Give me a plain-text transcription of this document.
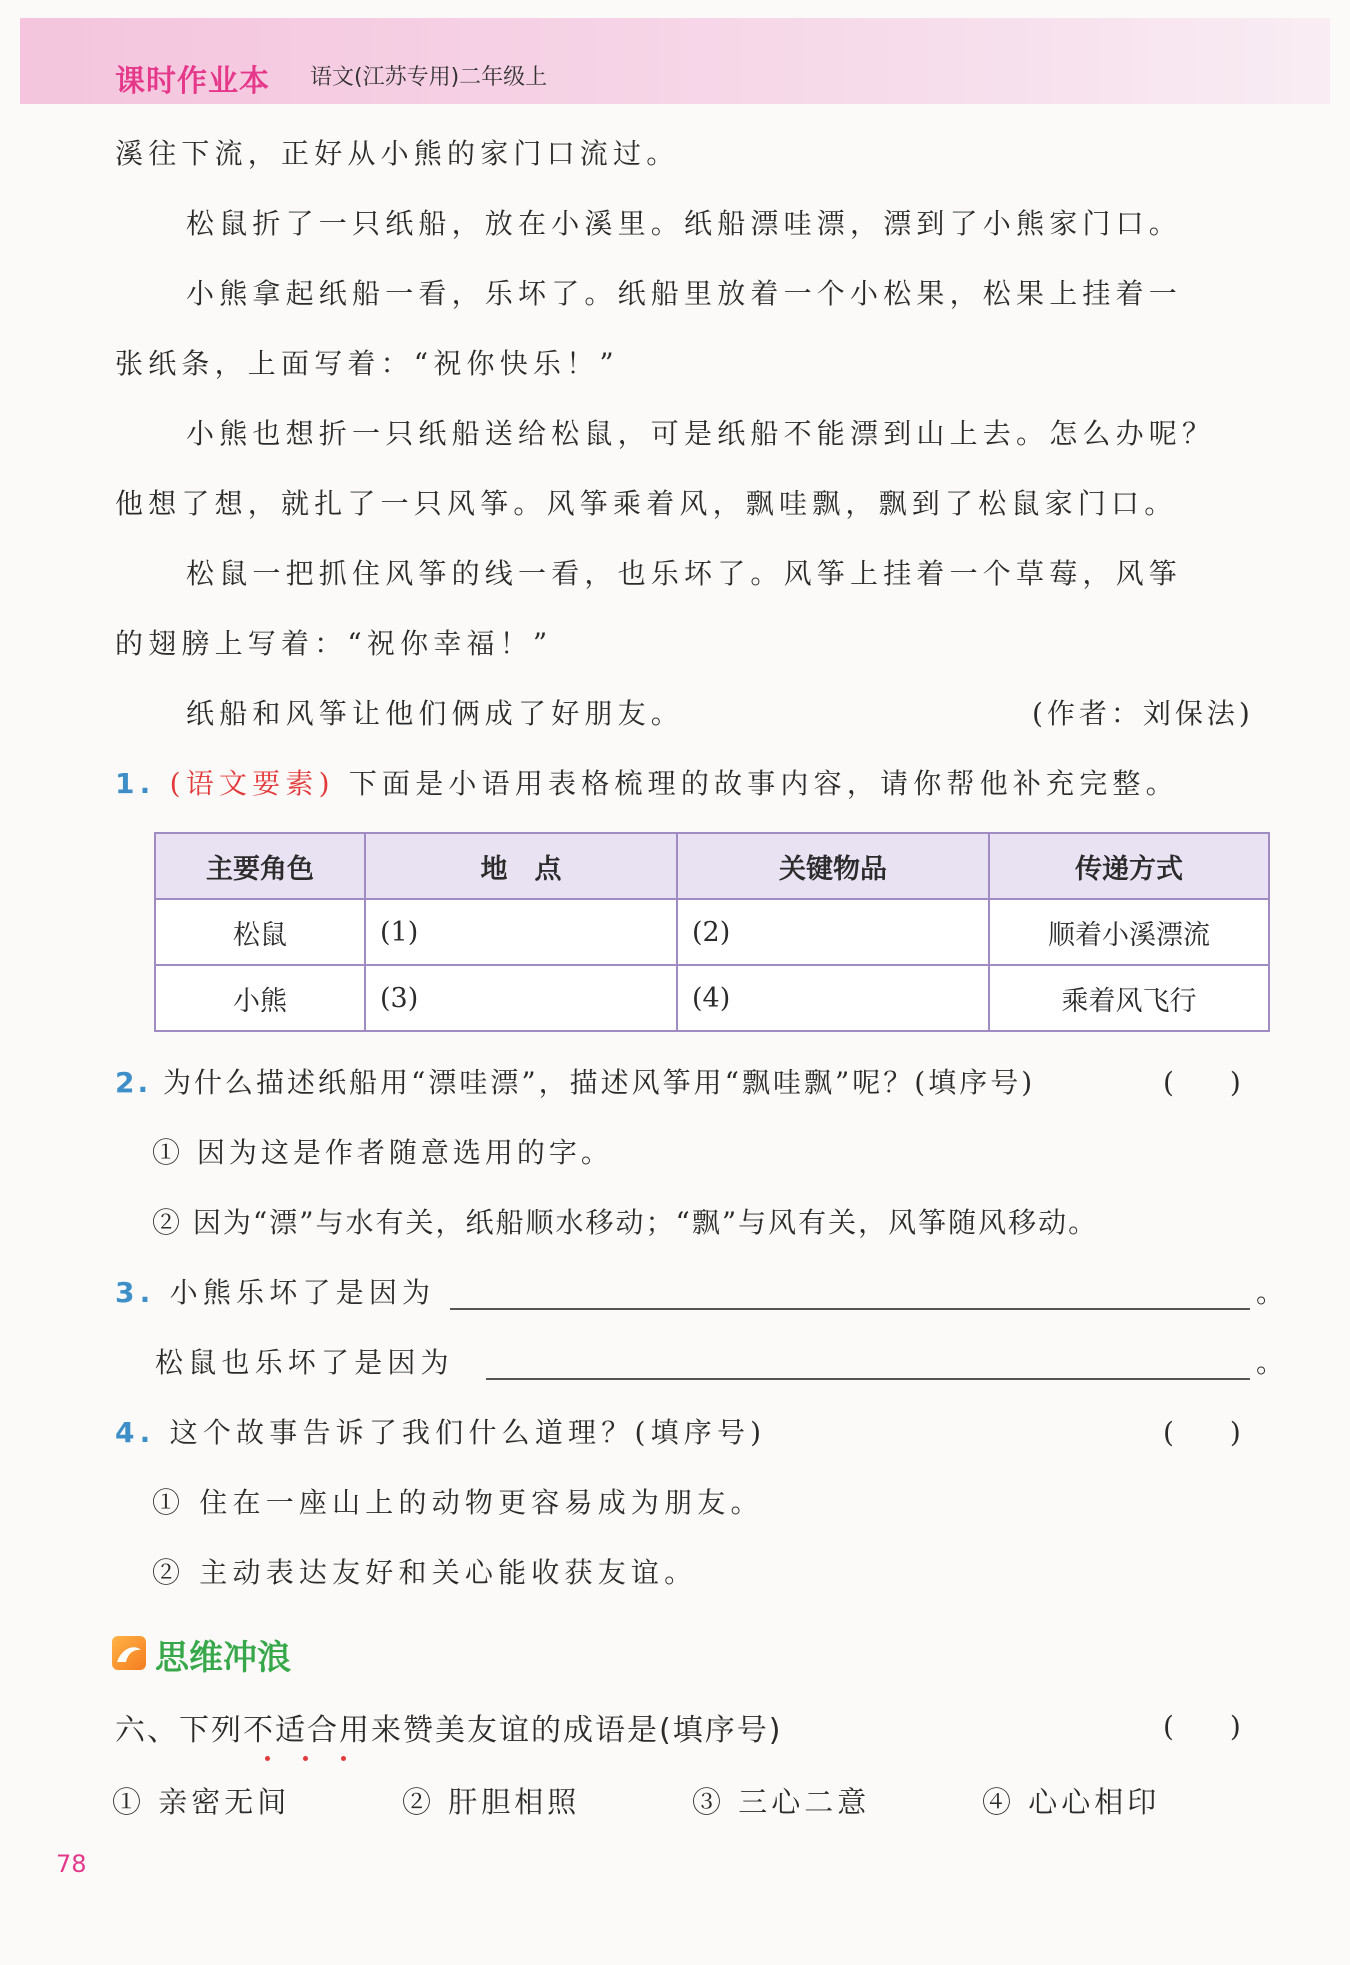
课时作业本 语文(江苏专用)二年级上
溪往下流，正好从小熊的家门口流过。
松鼠折了一只纸船，放在小溪里。纸船漂哇漂，漂到了小熊家门口。
小熊拿起纸船一看，乐坏了。纸船里放着一个小松果，松果上挂着一
张纸条，上面写着：“祝你快乐！”
小熊也想折一只纸船送给松鼠，可是纸船不能漂到山上去。怎么办呢？
他想了想，就扎了一只风筝。风筝乘着风，飘哇飘，飘到了松鼠家门口。
松鼠一把抓住风筝的线一看，也乐坏了。风筝上挂着一个草莓，风筝
的翅膀上写着：“祝你幸福！”
纸船和风筝让他们俩成了好朋友。	(作者：刘保法)
1. (语文要素) 下面是小语用表格梳理的故事内容，请你帮他补充完整。
主要角色	地　点	关键物品	传递方式
松鼠	(1)	(2)	顺着小溪漂流
小熊	(3)	(4)	乘着风飞行
2. 为什么描述纸船用“漂哇漂”，描述风筝用“飘哇飘”呢？(填序号)	(　　)
① 因为这是作者随意选用的字。
② 因为“漂”与水有关，纸船顺水移动；“飘”与风有关，风筝随风移动。
3. 小熊乐坏了是因为	。
松鼠也乐坏了是因为	。
4. 这个故事告诉了我们什么道理？(填序号)	(　　)
① 住在一座山上的动物更容易成为朋友。
② 主动表达友好和关心能收获友谊。
思维冲浪
六、下列不适合用来赞美友谊的成语是(填序号)	(　　)
① 亲密无间	② 肝胆相照	③ 三心二意	④ 心心相印
78
